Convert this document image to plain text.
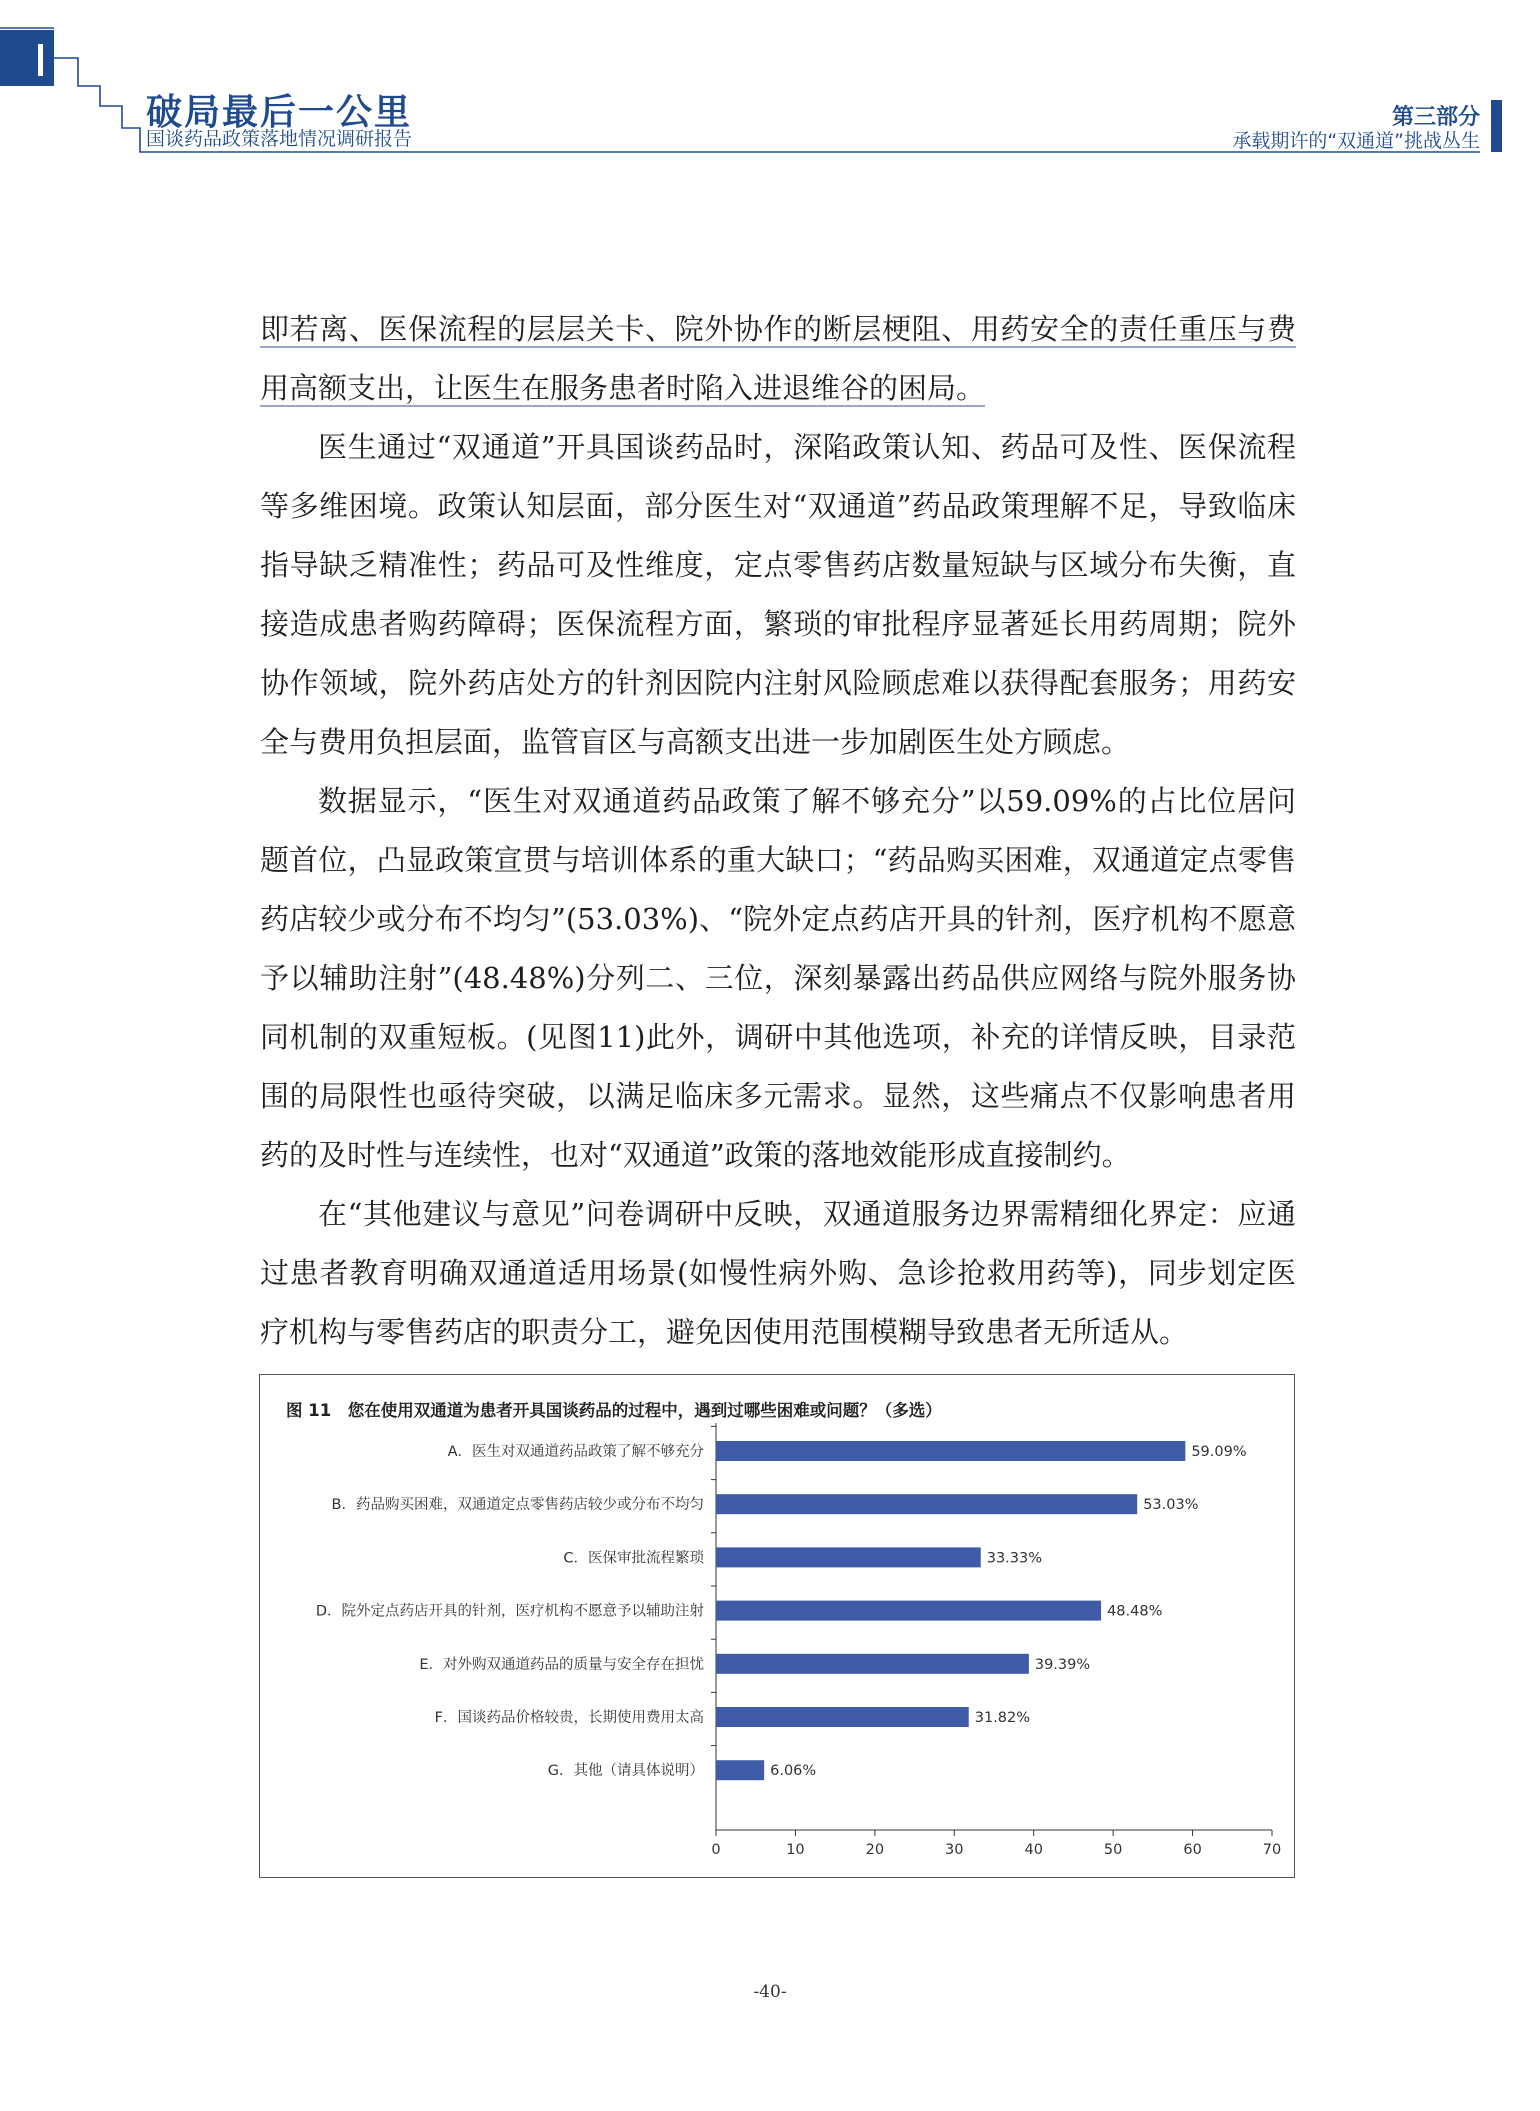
破局最后一公里
国谈药品政策落地情况调研报告
第三部分
承载期许的“双通道”挑战丛生

即若离、医保流程的层层关卡、院外协作的断层梗阻、用药安全的责任重压与费用高额支出，让医生在服务患者时陷入进退维谷的困局。

医生通过“双通道”开具国谈药品时，深陷政策认知、药品可及性、医保流程等多维困境。政策认知层面，部分医生对“双通道”药品政策理解不足，导致临床指导缺乏精准性；药品可及性维度，定点零售药店数量短缺与区域分布失衡，直接造成患者购药障碍；医保流程方面，繁琐的审批程序显著延长用药周期；院外协作领域，院外药店处方的针剂因院内注射风险顾虑难以获得配套服务；用药安全与费用负担层面，监管盲区与高额支出进一步加剧医生处方顾虑。

数据显示，“医生对双通道药品政策了解不够充分”以59.09%的占比位居问题首位，凸显政策宣贯与培训体系的重大缺口；“药品购买困难，双通道定点零售药店较少或分布不均匀”(53.03%)、“院外定点药店开具的针剂，医疗机构不愿意予以辅助注射”(48.48%)分列二、三位，深刻暴露出药品供应网络与院外服务协同机制的双重短板。(见图11)此外，调研中其他选项，补充的详情反映，目录范围的局限性也亟待突破，以满足临床多元需求。显然，这些痛点不仅影响患者用药的及时性与连续性，也对“双通道”政策的落地效能形成直接制约。

在“其他建议与意见”问卷调研中反映，双通道服务边界需精细化界定：应通过患者教育明确双通道适用场景(如慢性病外购、急诊抢救用药等)，同步划定医疗机构与零售药店的职责分工，避免因使用范围模糊导致患者无所适从。

图 11　您在使用双通道为患者开具国谈药品的过程中，遇到过哪些困难或问题？（多选）
A．医生对双通道药品政策了解不够充分	59.09%
B．药品购买困难，双通道定点零售药店较少或分布不均匀	53.03%
C．医保审批流程繁琐	33.33%
D．院外定点药店开具的针剂，医疗机构不愿意予以辅助注射	48.48%
E．对外购双通道药品的质量与安全存在担忧	39.39%
F．国谈药品价格较贵，长期使用费用太高	31.82%
G．其他（请具体说明）	6.06%
0	10	20	30	40	50	60	70
-40-
